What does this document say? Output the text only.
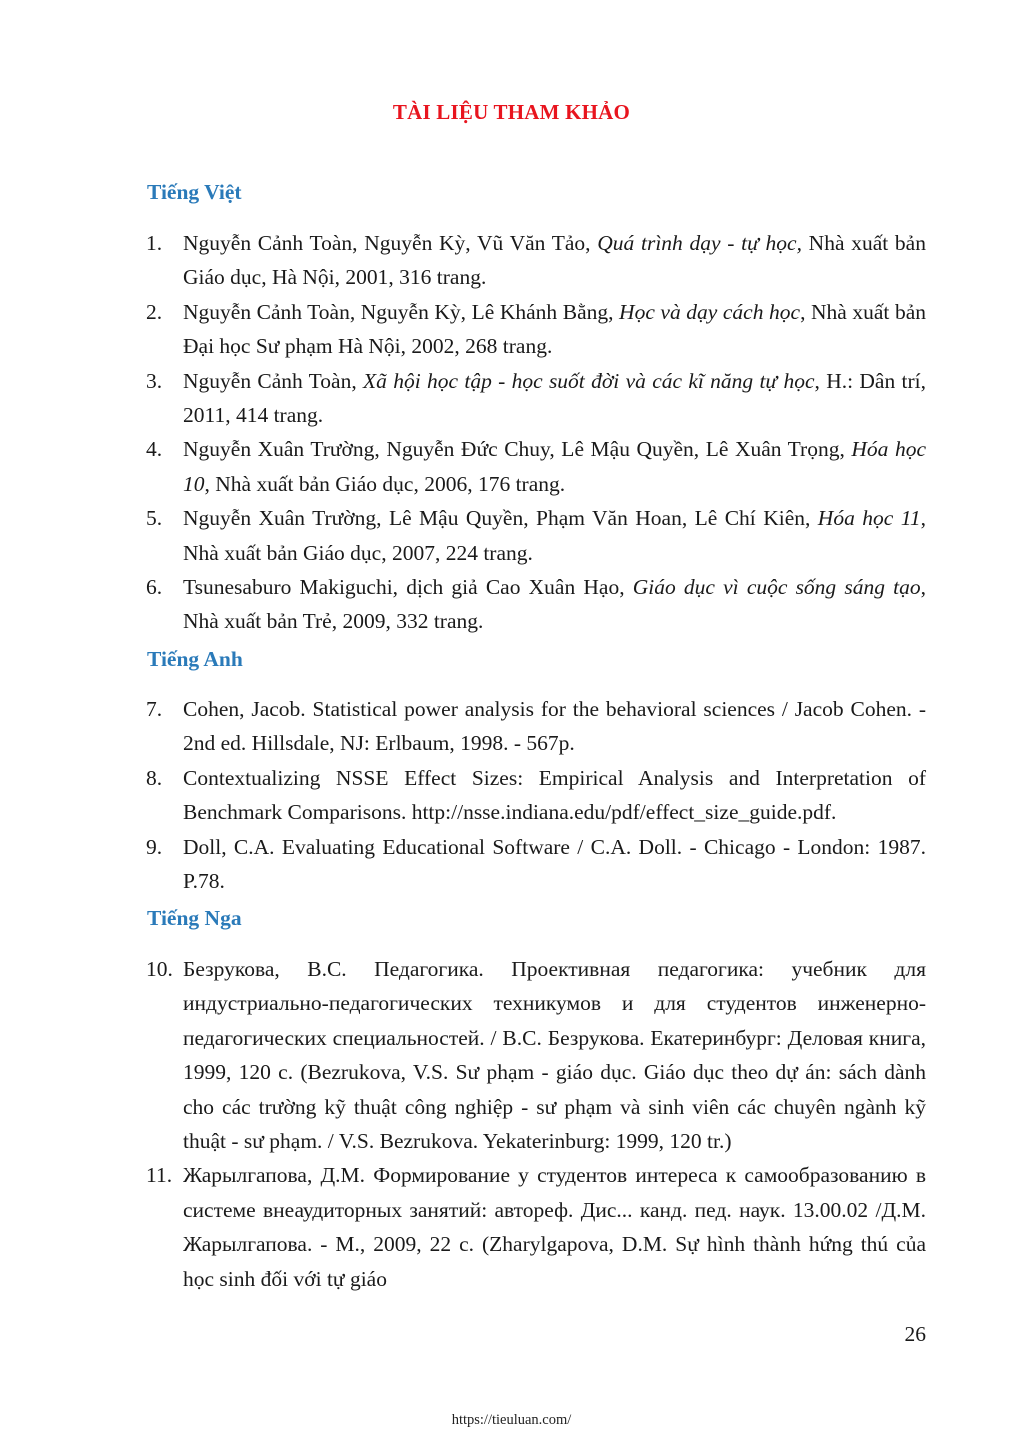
TÀI LIỆU THAM KHẢO
Tiếng Việt
1. Nguyễn Cảnh Toàn, Nguyễn Kỳ, Vũ Văn Tảo, Quá trình dạy - tự học, Nhà xuất bản Giáo dục, Hà Nội, 2001, 316 trang.
2. Nguyễn Cảnh Toàn, Nguyễn Kỳ, Lê Khánh Bằng, Học và dạy cách học, Nhà xuất bản Đại học Sư phạm Hà Nội, 2002, 268 trang.
3. Nguyễn Cảnh Toàn, Xã hội học tập - học suốt đời và các kĩ năng tự học, H.: Dân trí, 2011, 414 trang.
4. Nguyễn Xuân Trường, Nguyễn Đức Chuy, Lê Mậu Quyền, Lê Xuân Trọng, Hóa học 10, Nhà xuất bản Giáo dục, 2006, 176 trang.
5. Nguyễn Xuân Trường, Lê Mậu Quyền, Phạm Văn Hoan, Lê Chí Kiên, Hóa học 11, Nhà xuất bản Giáo dục, 2007, 224 trang.
6. Tsunesaburo Makiguchi, dịch giả Cao Xuân Hạo, Giáo dục vì cuộc sống sáng tạo, Nhà xuất bản Trẻ, 2009, 332 trang.
Tiếng Anh
7. Cohen, Jacob. Statistical power analysis for the behavioral sciences / Jacob Cohen. - 2nd ed. Hillsdale, NJ: Erlbaum, 1998. - 567p.
8. Contextualizing NSSE Effect Sizes: Empirical Analysis and Interpretation of Benchmark Comparisons. http://nsse.indiana.edu/pdf/effect_size_guide.pdf.
9. Doll, C.A. Evaluating Educational Software / C.A. Doll. - Chicago - London: 1987. P.78.
Tiếng Nga
10. Безрукова, В.С. Педагогика. Проективная педагогика: учебник для индустриально-педагогических техникумов и для студентов инженерно-педагогических специальностей. / В.С. Безрукова. Екатеринбург: Деловая книга, 1999, 120 с. (Bezrukova, V.S. Sư phạm - giáo dục. Giáo dục theo dự án: sách dành cho các trường kỹ thuật công nghiệp - sư phạm và sinh viên các chuyên ngành kỹ thuật - sư phạm. / V.S. Bezrukova. Yekaterinburg: 1999, 120 tr.)
11. Жарылгапова, Д.М. Формирование у студентов интереса к самообразованию в системе внеаудиторных занятий: автореф. Дис... канд. пед. наук. 13.00.02 /Д.М. Жарылгапова. - М., 2009, 22 с. (Zharylgapova, D.M. Sự hình thành hứng thú của học sinh đối với tự giáo
26
https://tieuluan.com/
